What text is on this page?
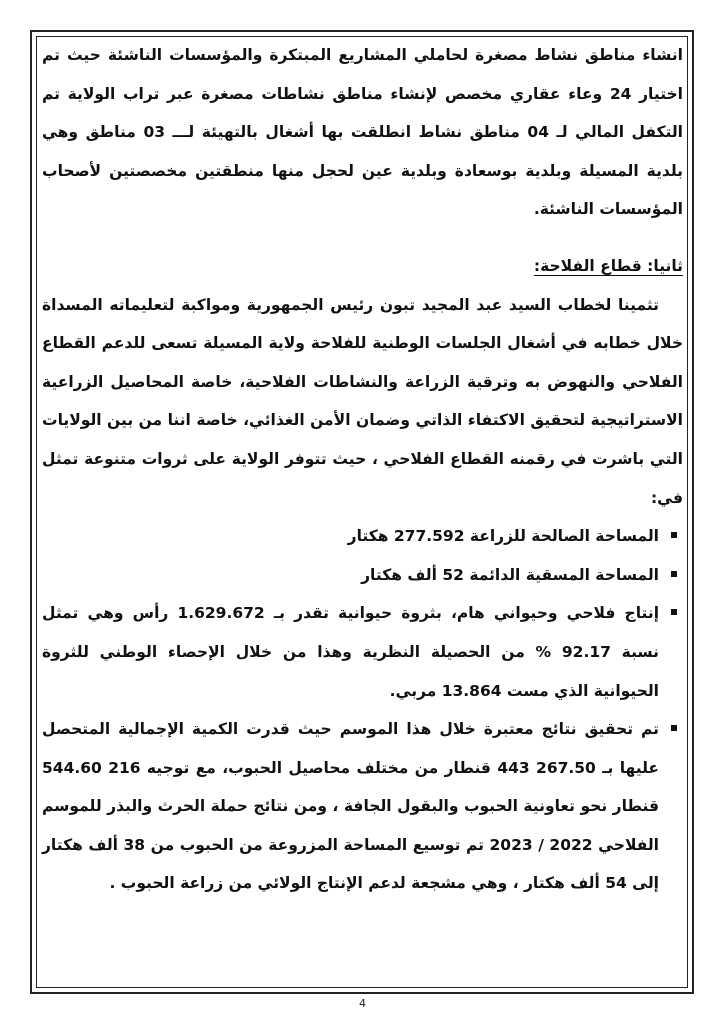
انشاء مناطق نشاط مصغرة لحاملي المشاريع المبتكرة والمؤسسات الناشئة حيث تم اختيار 24 وعاء عقاري مخصص لإنشاء مناطق نشاطات مصغرة عبر تراب الولاية تم التكفل المالي لـ 04 مناطق نشاط انطلقت بها أشغال بالتهيئة لـــ 03 مناطق وهي بلدية المسيلة وبلدية بوسعادة وبلدية عين لحجل منها منطقتين مخصصتين لأصحاب المؤسسات الناشئة.

ثانيا: قطاع الفلاحة:

تثمينا لخطاب السيد عبد المجيد تبون رئيس الجمهورية ومواكبة لتعليماته المسداة خلال خطابه في أشغال الجلسات الوطنية للفلاحة ولاية المسيلة تسعى للدعم القطاع الفلاحي والنهوض به وترقية الزراعة والنشاطات الفلاحية، خاصة المحاصيل الزراعية الاستراتيجية لتحقيق الاكتفاء الذاتي وضمان الأمن الغذائي، خاصة اننا من بين الولايات التي باشرت في رقمنه القطاع الفلاحي ، حيث تتوفر الولاية على ثروات متنوعة تمثل في:

المساحة الصالحة للزراعة 277.592 هكتار
المساحة المسقية الدائمة 52 ألف هكتار
إنتاج فلاحي وحيواني هام، بثروة حيوانية تقدر بـ 1.629.672 رأس وهي تمثل نسبة 92.17 % من الحصيلة النظرية وهذا من خلال الإحصاء الوطني للثروة الحيوانية الذي مست 13.864 مربي.
تم تحقيق نتائج معتبرة خلال هذا الموسم حيث قدرت الكمية الإجمالية المتحصل عليها بـ 267.50 443 قنطار من مختلف محاصيل الحبوب، مع توجيه 216 544.60 قنطار نحو تعاونية الحبوب والبقول الجافة ، ومن نتائج حملة الحرث والبذر للموسم الفلاحي 2022 / 2023 تم توسيع المساحة المزروعة من الحبوب من 38 ألف هكتار إلى 54 ألف هكتار ، وهي مشجعة لدعم الإنتاج الولائي من زراعة الحبوب .
4
